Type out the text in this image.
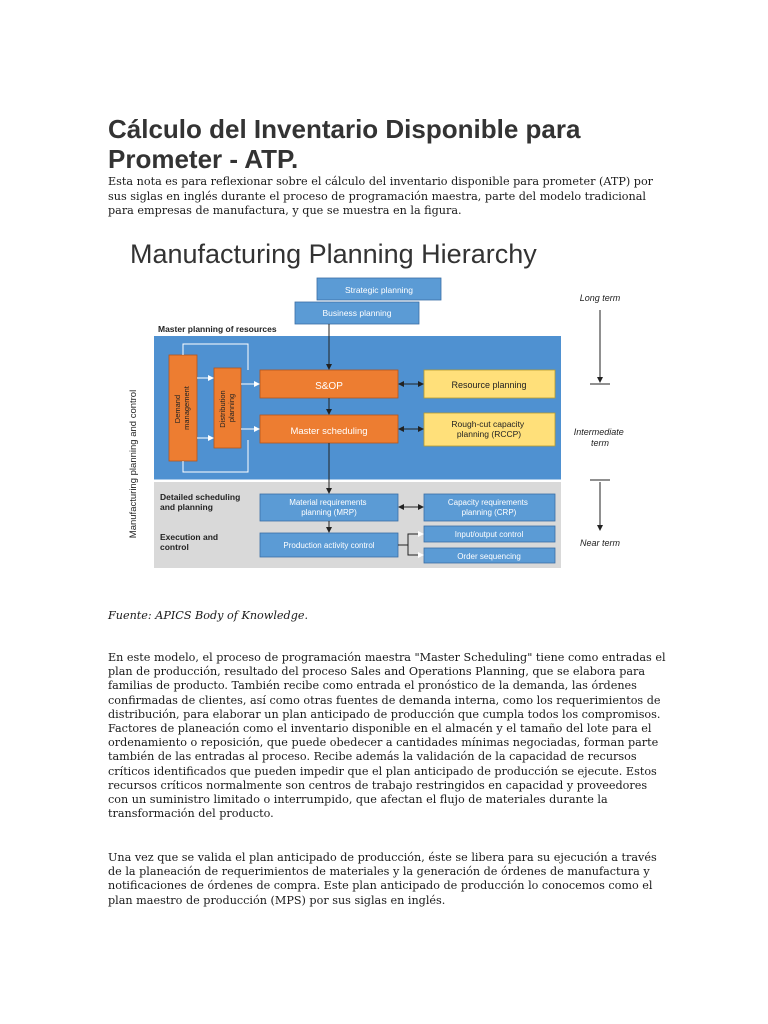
Cálculo del Inventario Disponible para Prometer - ATP.

Esta nota es para reflexionar sobre el cálculo del inventario disponible para prometer (ATP) por sus siglas en inglés durante el proceso de programación maestra, parte del modelo tradicional para empresas de manufactura, y que se muestra en la figura.

Manufacturing Planning Hierarchy
Manufacturing planning and control
Strategic planning
Business planning
Master planning of resources
Demand management	Distribution planning
S&OP
Master scheduling
Resource planning
Rough-cut capacity planning (RCCP)
Detailed scheduling and planning
Execution and control
Material requirements planning (MRP)
Capacity requirements planning (CRP)
Production activity control
Input/output control
Order sequencing
Long term
Intermediate term
Near term

Fuente: APICS Body of Knowledge.

En este modelo, el proceso de programación maestra "Master Scheduling" tiene como entradas el plan de producción, resultado del proceso Sales and Operations Planning, que se elabora para familias de producto. También recibe como entrada el pronóstico de la demanda, las órdenes confirmadas de clientes, así como otras fuentes de demanda interna, como los requerimientos de distribución, para elaborar un plan anticipado de producción que cumpla todos los compromisos. Factores de planeación como el inventario disponible en el almacén y el tamaño del lote para el ordenamiento o reposición, que puede obedecer a cantidades mínimas negociadas, forman parte también de las entradas al proceso. Recibe además la validación de la capacidad de recursos críticos identificados que pueden impedir que el plan anticipado de producción se ejecute. Estos recursos críticos normalmente son centros de trabajo restringidos en capacidad y proveedores con un suministro limitado o interrumpido, que afectan el flujo de materiales durante la transformación del producto.

Una vez que se valida el plan anticipado de producción, éste se libera para su ejecución a través de la planeación de requerimientos de materiales y la generación de órdenes de manufactura y notificaciones de órdenes de compra. Este plan anticipado de producción lo conocemos como el plan maestro de producción (MPS) por sus siglas en inglés.
